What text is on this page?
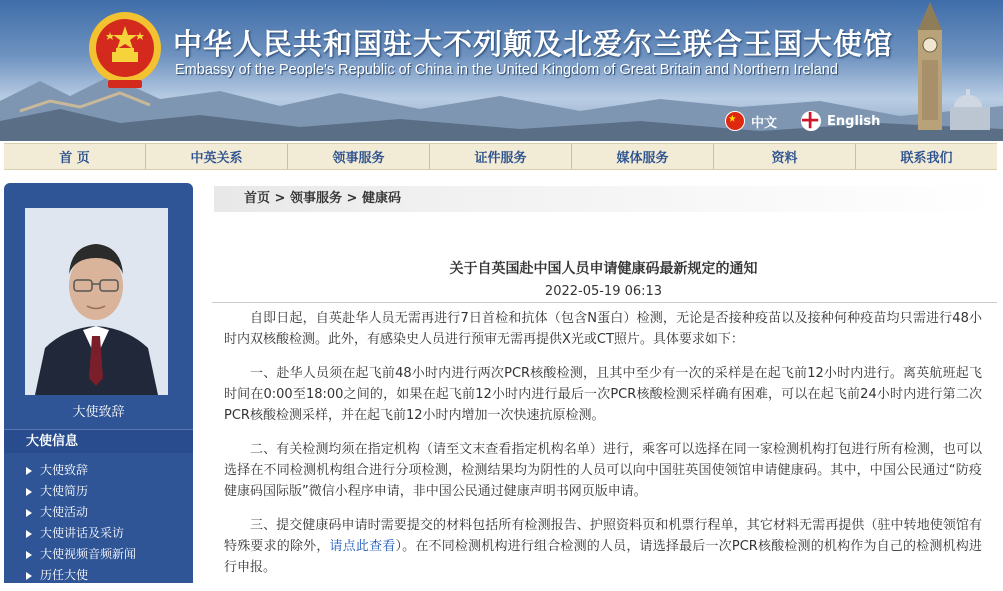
中华人民共和国驻大不列颠及北爱尔兰联合王国大使馆
Embassy of the People's Republic of China in the United Kingdom of Great Britain and Northern Ireland
中文	English
首 页	中英关系	领事服务	证件服务	媒体服务	资料	联系我们
大使致辞
大使信息
大使致辞
大使简历
大使活动
大使讲话及采访
大使视频音频新闻
历任大使
首页 > 领事服务 > 健康码
关于自英国赴中国人员申请健康码最新规定的通知
2022-05-19 06:13

自即日起，自英赴华人员无需再进行7日首检和抗体（包含N蛋白）检测，无论是否接种疫苗以及接种何种疫苗均只需进行48小时内双核酸检测。此外，有感染史人员进行预审无需再提供X光或CT照片。具体要求如下：

一、赴华人员须在起飞前48小时内进行两次PCR核酸检测，且其中至少有一次的采样是在起飞前12小时内进行。离英航班起飞时间在0:00至18:00之间的，如果在起飞前12小时内进行最后一次PCR核酸检测采样确有困难，可以在起飞前24小时内进行第二次PCR核酸检测采样，并在起飞前12小时内增加一次快速抗原检测。

二、有关检测均须在指定机构（请至文末查看指定机构名单）进行，乘客可以选择在同一家检测机构打包进行所有检测，也可以选择在不同检测机构组合进行分项检测，检测结果均为阴性的人员可以向中国驻英国使领馆申请健康码。其中，中国公民通过“防疫健康码国际版”微信小程序申请，非中国公民通过健康声明书网页版申请。

三、提交健康码申请时需要提交的材料包括所有检测报告、护照资料页和机票行程单，其它材料无需再提供（驻中转地使领馆有特殊要求的除外，请点此查看）。在不同检测机构进行组合检测的人员，请选择最后一次PCR核酸检测的机构作为自己的检测机构进行申报。
